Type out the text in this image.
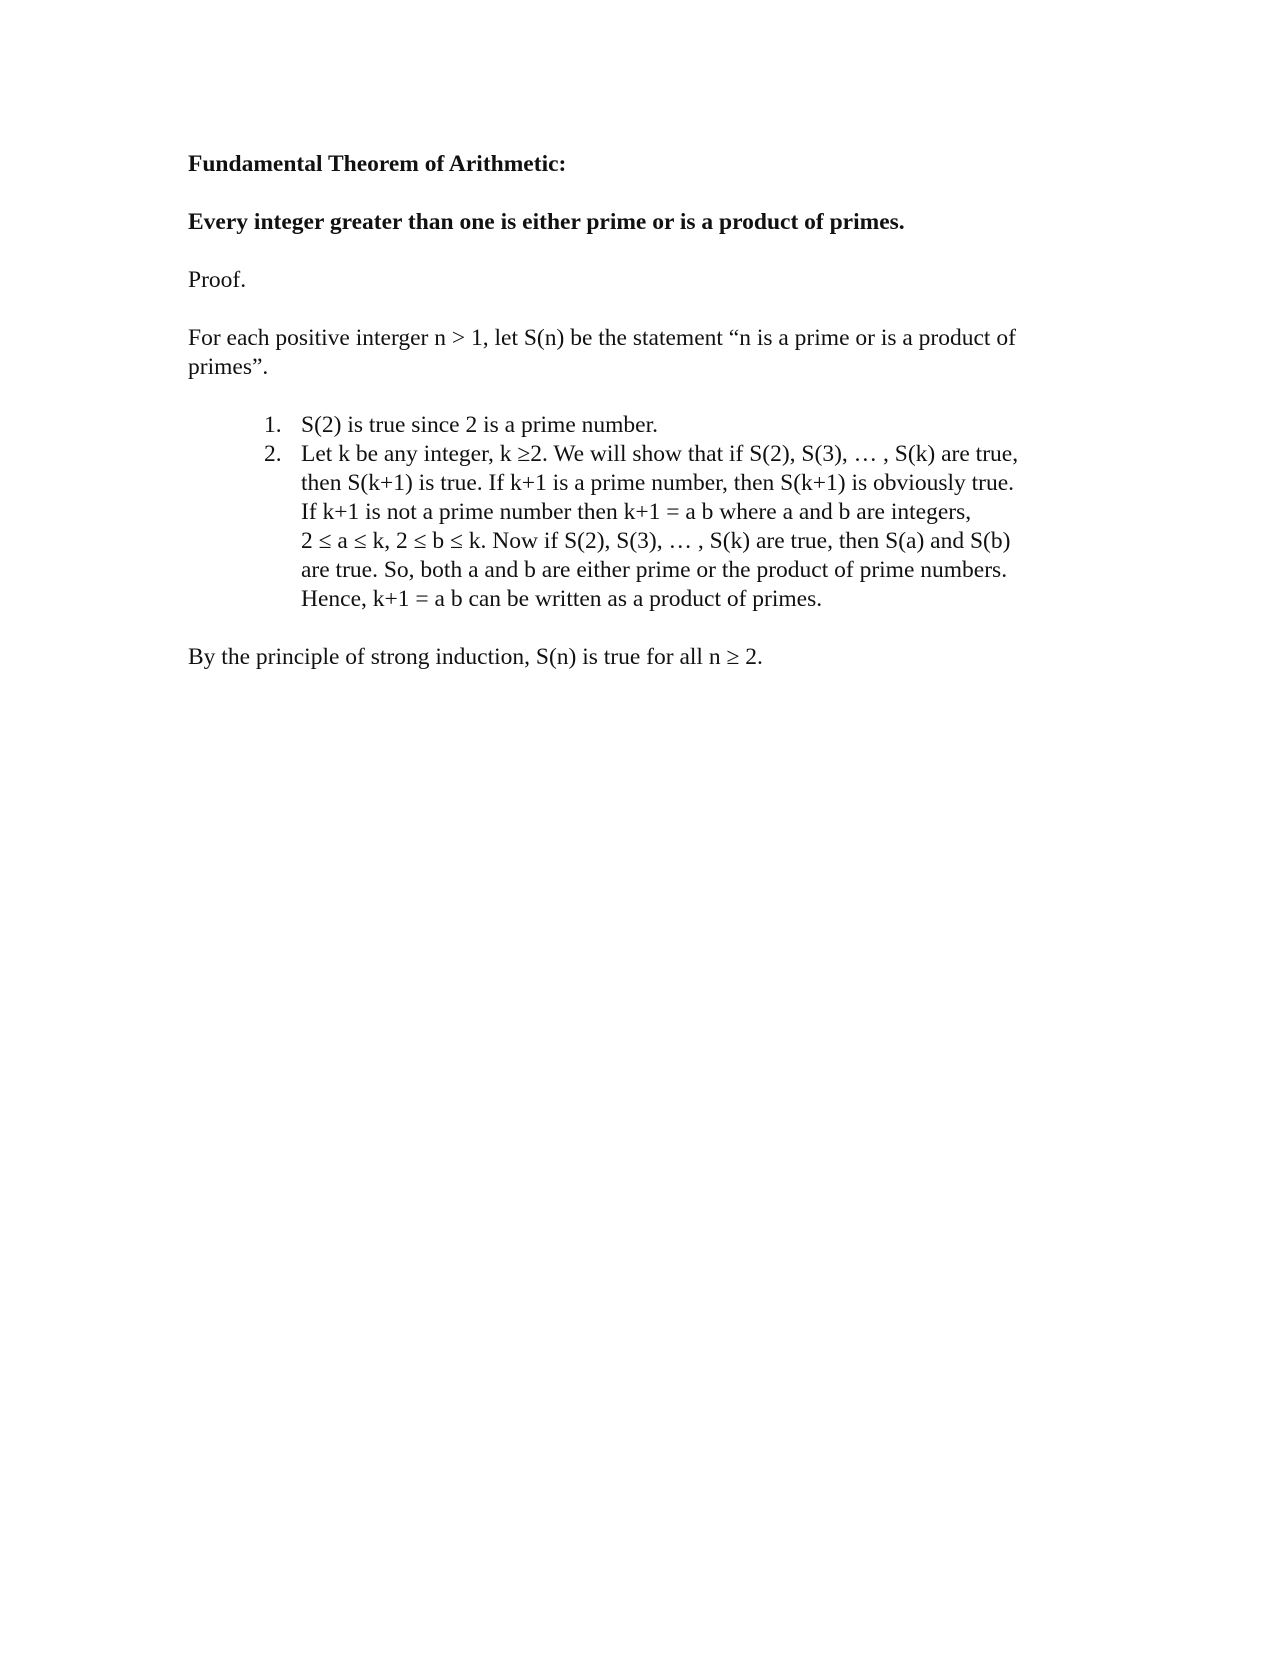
Fundamental Theorem of Arithmetic:

Every integer greater than one is either prime or is a product of primes.

Proof.

For each positive interger n > 1, let S(n) be the statement “n is a prime or is a product of
primes”.

1. S(2) is true since 2 is a prime number.
2. Let k be any integer, k ≥2. We will show that if S(2), S(3), … , S(k) are true,
then S(k+1) is true. If k+1 is a prime number, then S(k+1) is obviously true.
If k+1 is not a prime number then k+1 = a b where a and b are integers,
2 ≤ a ≤ k, 2 ≤ b ≤ k. Now if S(2), S(3), … , S(k) are true, then S(a) and S(b)
are true. So, both a and b are either prime or the product of prime numbers.
Hence, k+1 = a b can be written as a product of primes.

By the principle of strong induction, S(n) is true for all n ≥ 2.
